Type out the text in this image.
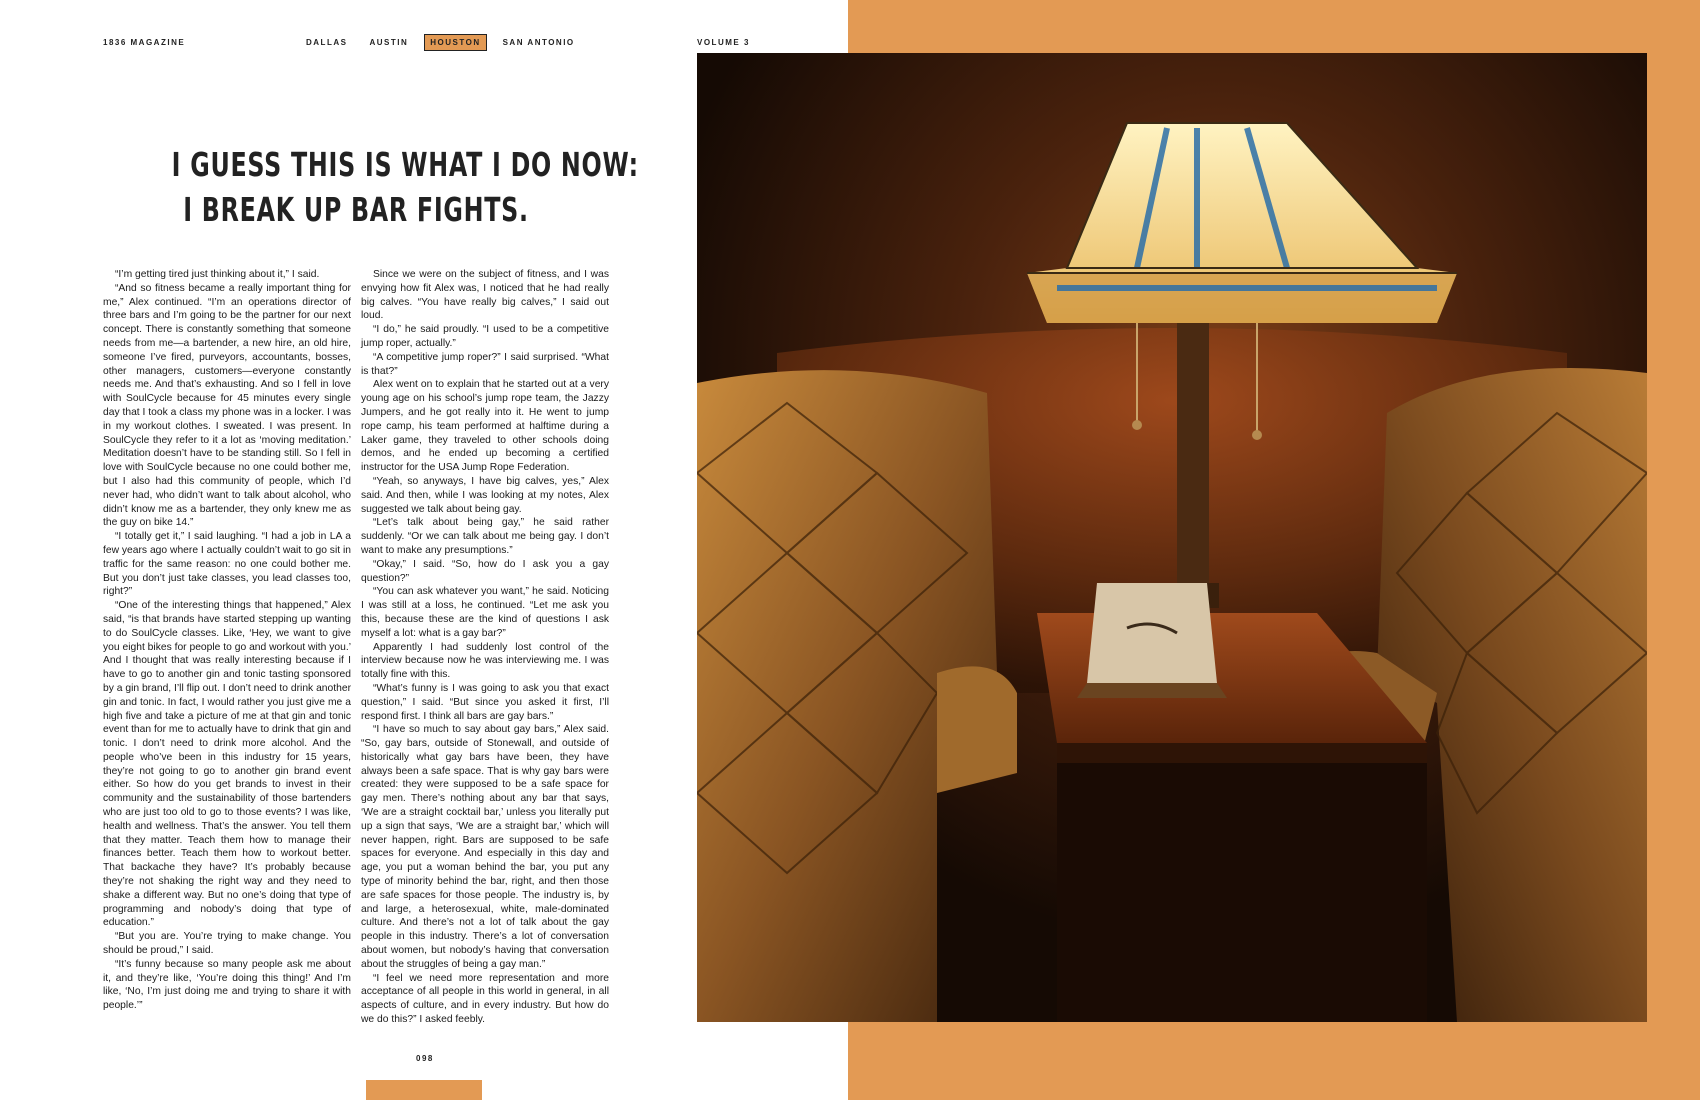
1836 MAGAZINE	DALLAS	AUSTIN	HOUSTON	SAN ANTONIO	VOLUME 3
I GUESS THIS IS WHAT I DO NOW:
I BREAK UP BAR FIGHTS.

“I’m getting tired just thinking about it,” I said.

“And so fitness became a really important thing for me,” Alex continued. “I’m an operations director of three bars and I’m going to be the partner for our next concept. There is constantly something that someone needs from me—a bartender, a new hire, an old hire, someone I’ve fired, purveyors, accountants, bosses, other managers, customers—everyone constantly needs me. And that’s exhausting. And so I fell in love with SoulCycle because for 45 minutes every single day that I took a class my phone was in a locker. I was in my workout clothes. I sweated. I was present. In SoulCycle they refer to it a lot as ‘moving meditation.’ Meditation doesn’t have to be standing still. So I fell in love with SoulCycle because no one could bother me, but I also had this community of people, which I’d never had, who didn’t want to talk about alcohol, who didn’t know me as a bartender, they only knew me as the guy on bike 14.”

“I totally get it,” I said laughing. “I had a job in LA a few years ago where I actually couldn’t wait to go sit in traffic for the same reason: no one could bother me. But you don’t just take classes, you lead classes too, right?”

“One of the interesting things that happened,” Alex said, “is that brands have started stepping up wanting to do SoulCycle classes. Like, ‘Hey, we want to give you eight bikes for people to go and workout with you.’ And I thought that was really interesting because if I have to go to another gin and tonic tasting sponsored by a gin brand, I’ll flip out. I don’t need to drink another gin and tonic. In fact, I would rather you just give me a high five and take a picture of me at that gin and tonic event than for me to actually have to drink that gin and tonic. I don’t need to drink more alcohol. And the people who’ve been in this industry for 15 years, they’re not going to go to another gin brand event either. So how do you get brands to invest in their community and the sustainability of those bartenders who are just too old to go to those events? I was like, health and wellness. That’s the answer. You tell them that they matter. Teach them how to manage their finances better. Teach them how to workout better. That backache they have? It’s probably because they’re not shaking the right way and they need to shake a different way. But no one’s doing that type of programming and nobody’s doing that type of education.”

“But you are. You’re trying to make change. You should be proud,” I said.

“It’s funny because so many people ask me about it, and they’re like, ‘You’re doing this thing!’ And I’m like, ‘No, I’m just doing me and trying to share it with people.’”

Since we were on the subject of fitness, and I was envying how fit Alex was, I noticed that he had really big calves. “You have really big calves,” I said out loud.

“I do,” he said proudly. “I used to be a competitive jump roper, actually.”

“A competitive jump roper?” I said surprised. “What is that?”

Alex went on to explain that he started out at a very young age on his school’s jump rope team, the Jazzy Jumpers, and he got really into it. He went to jump rope camp, his team performed at halftime during a Laker game, they traveled to other schools doing demos, and he ended up becoming a certified instructor for the USA Jump Rope Federation.

“Yeah, so anyways, I have big calves, yes,” Alex said. And then, while I was looking at my notes, Alex suggested we talk about being gay.

“Let’s talk about being gay,” he said rather suddenly. “Or we can talk about me being gay. I don’t want to make any presumptions.”

“Okay,” I said. “So, how do I ask you a gay question?”

“You can ask whatever you want,” he said. Noticing I was still at a loss, he continued. “Let me ask you this, because these are the kind of questions I ask myself a lot: what is a gay bar?”

Apparently I had suddenly lost control of the interview because now he was interviewing me. I was totally fine with this.

“What’s funny is I was going to ask you that exact question,” I said. “But since you asked it first, I’ll respond first. I think all bars are gay bars.”

“I have so much to say about gay bars,” Alex said. “So, gay bars, outside of Stonewall, and outside of historically what gay bars have been, they have always been a safe space. That is why gay bars were created: they were supposed to be a safe space for gay men. There’s nothing about any bar that says, ‘We are a straight cocktail bar,’ unless you literally put up a sign that says, ‘We are a straight bar,’ which will never happen, right. Bars are supposed to be safe spaces for everyone. And especially in this day and age, you put a woman behind the bar, you put any type of minority behind the bar, right, and then those are safe spaces for those people. The industry is, by and large, a heterosexual, white, male-dominated culture. And there’s not a lot of talk about the gay people in this industry. There’s a lot of conversation about women, but nobody’s having that conversation about the struggles of being a gay man.”

“I feel we need more representation and more acceptance of all people in this world in general, in all aspects of culture, and in every industry. But how do we do this?” I asked feebly.

098
